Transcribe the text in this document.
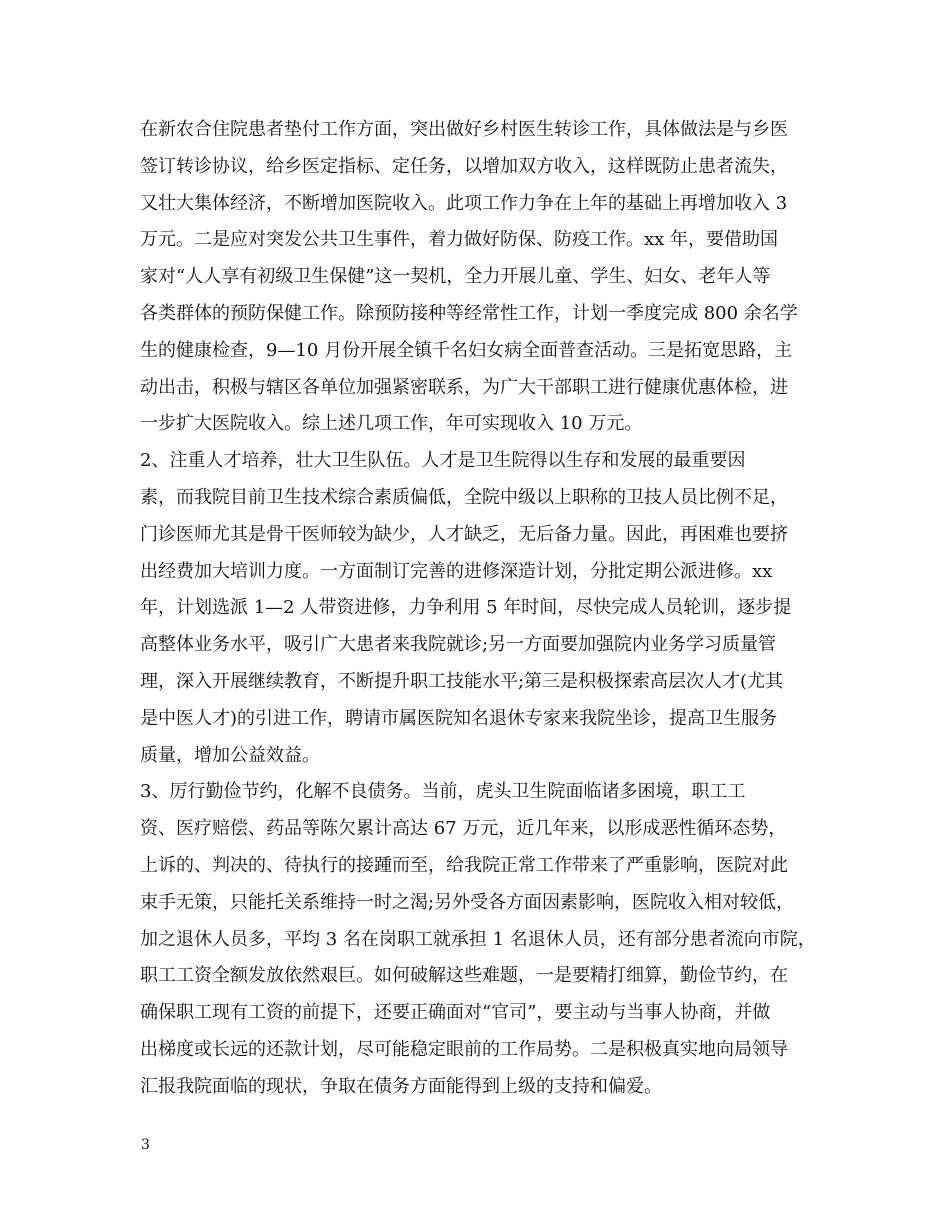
在新农合住院患者垫付工作方面，突出做好乡村医生转诊工作，具体做法是与乡医
签订转诊协议，给乡医定指标、定任务，以增加双方收入，这样既防止患者流失，
又壮大集体经济，不断增加医院收入。此项工作力争在上年的基础上再增加收入 3
万元。二是应对突发公共卫生事件，着力做好防保、防疫工作。xx 年，要借助国
家对“人人享有初级卫生保健”这一契机，全力开展儿童、学生、妇女、老年人等
各类群体的预防保健工作。除预防接种等经常性工作，计划一季度完成 800 余名学
生的健康检查，9—10 月份开展全镇千名妇女病全面普查活动。三是拓宽思路，主
动出击，积极与辖区各单位加强紧密联系，为广大干部职工进行健康优惠体检，进
一步扩大医院收入。综上述几项工作，年可实现收入 10 万元。
2、注重人才培养，壮大卫生队伍。人才是卫生院得以生存和发展的最重要因
素，而我院目前卫生技术综合素质偏低，全院中级以上职称的卫技人员比例不足，
门诊医师尤其是骨干医师较为缺少，人才缺乏，无后备力量。因此，再困难也要挤
出经费加大培训力度。一方面制订完善的进修深造计划，分批定期公派进修。xx
年，计划选派 1—2 人带资进修，力争利用 5 年时间，尽快完成人员轮训，逐步提
高整体业务水平，吸引广大患者来我院就诊;另一方面要加强院内业务学习质量管
理，深入开展继续教育，不断提升职工技能水平;第三是积极探索高层次人才(尤其
是中医人才)的引进工作，聘请市属医院知名退休专家来我院坐诊，提高卫生服务
质量，增加公益效益。
3、厉行勤俭节约，化解不良债务。当前，虎头卫生院面临诸多困境，职工工
资、医疗赔偿、药品等陈欠累计高达 67 万元，近几年来，以形成恶性循环态势，
上诉的、判决的、待执行的接踵而至，给我院正常工作带来了严重影响，医院对此
束手无策，只能托关系维持一时之渴;另外受各方面因素影响，医院收入相对较低，
加之退休人员多，平均 3 名在岗职工就承担 1 名退休人员，还有部分患者流向市院，
职工工资全额发放依然艰巨。如何破解这些难题，一是要精打细算，勤俭节约，在
确保职工现有工资的前提下，还要正确面对“官司”，要主动与当事人协商，并做
出梯度或长远的还款计划，尽可能稳定眼前的工作局势。二是积极真实地向局领导
汇报我院面临的现状，争取在债务方面能得到上级的支持和偏爱。
3
